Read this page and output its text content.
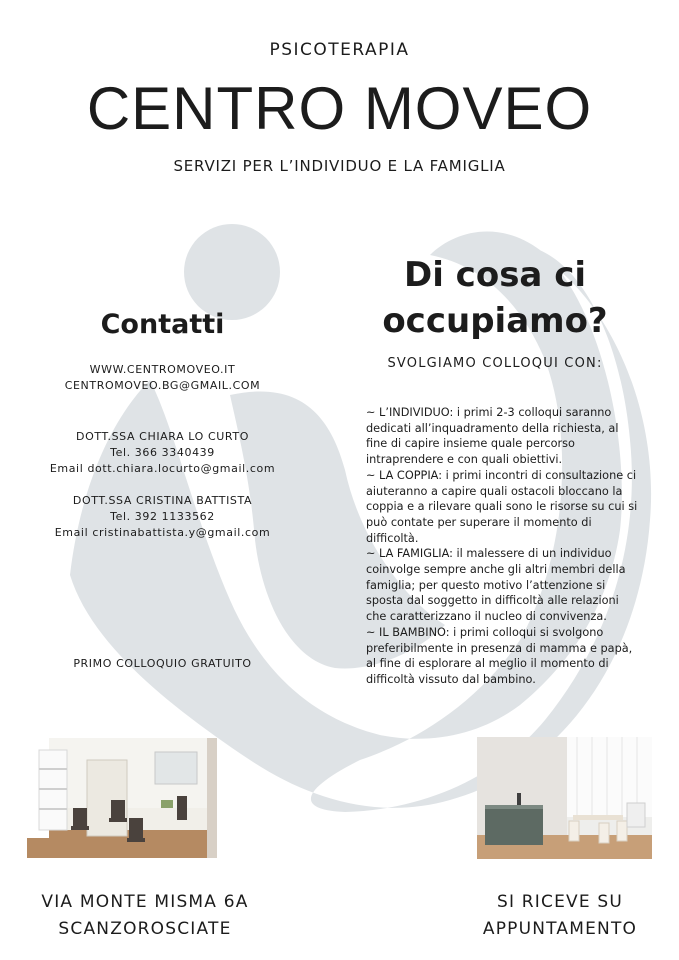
PSICOTERAPIA
CENTRO MOVEO
SERVIZI PER L’INDIVIDUO E LA FAMIGLIA
Contatti
WWW.CENTROMOVEO.IT
CENTROMOVEO.BG@GMAIL.COM
DOTT.SSA CHIARA LO CURTO
Tel. 366 3340439
Email dott.chiara.locurto@gmail.com
DOTT.SSA CRISTINA BATTISTA
Tel. 392 1133562
Email cristinabattista.y@gmail.com
PRIMO COLLOQUIO GRATUITO
Di cosa ci
occupiamo?
SVOLGIAMO COLLOQUI CON:

~ L’INDIVIDUO: i primi 2-3 colloqui saranno dedicati all’inquadramento della richiesta, al fine di capire insieme quale percorso intraprendere e con quali obiettivi.

~ LA COPPIA: i primi incontri di consultazione ci aiuteranno a capire quali ostacoli bloccano la coppia e a rilevare quali sono le risorse su cui si può contate per superare il momento di difficoltà.

~ LA FAMIGLIA: il malessere di un individuo coinvolge sempre anche gli altri membri della famiglia; per questo motivo l’attenzione si sposta dal soggetto in difficoltà alle relazioni che caratterizzano il nucleo di convivenza.

~ IL BAMBINO: i primi colloqui si svolgono preferibilmente in presenza di mamma e papà, al fine di esplorare al meglio il momento di difficoltà vissuto dal bambino.

VIA MONTE MISMA 6A
SCANZOROSCIATE
SI RICEVE SU
APPUNTAMENTO
